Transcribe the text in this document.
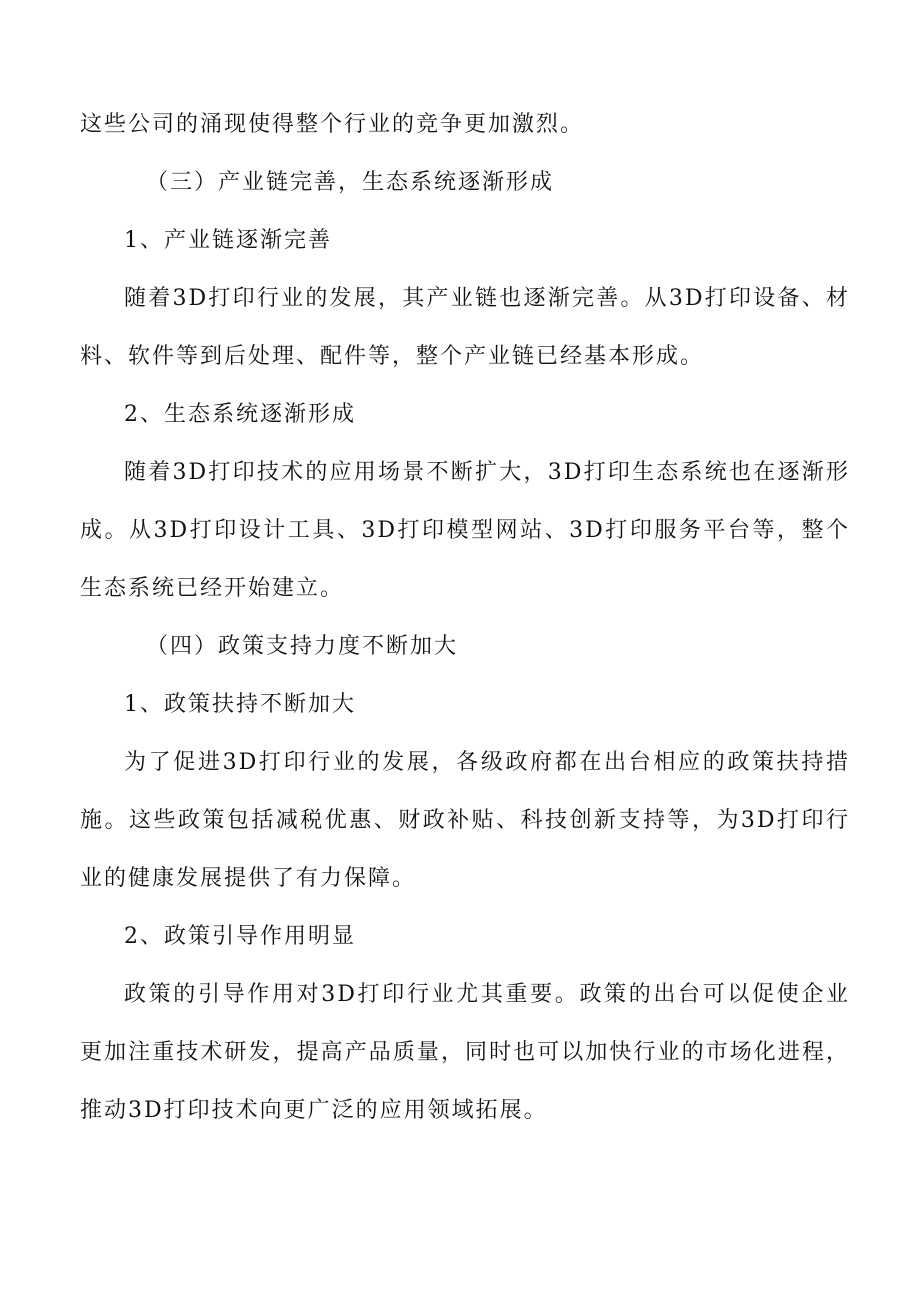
这些公司的涌现使得整个行业的竞争更加激烈。

（三）产业链完善，生态系统逐渐形成

1、产业链逐渐完善

随着3D打印行业的发展，其产业链也逐渐完善。从3D打印设备、材料、软件等到后处理、配件等，整个产业链已经基本形成。

2、生态系统逐渐形成

随着3D打印技术的应用场景不断扩大，3D打印生态系统也在逐渐形成。从3D打印设计工具、3D打印模型网站、3D打印服务平台等，整个生态系统已经开始建立。

（四）政策支持力度不断加大

1、政策扶持不断加大

为了促进3D打印行业的发展，各级政府都在出台相应的政策扶持措施。这些政策包括减税优惠、财政补贴、科技创新支持等，为3D打印行业的健康发展提供了有力保障。

2、政策引导作用明显

政策的引导作用对3D打印行业尤其重要。政策的出台可以促使企业更加注重技术研发，提高产品质量，同时也可以加快行业的市场化进程，推动3D打印技术向更广泛的应用领域拓展。
